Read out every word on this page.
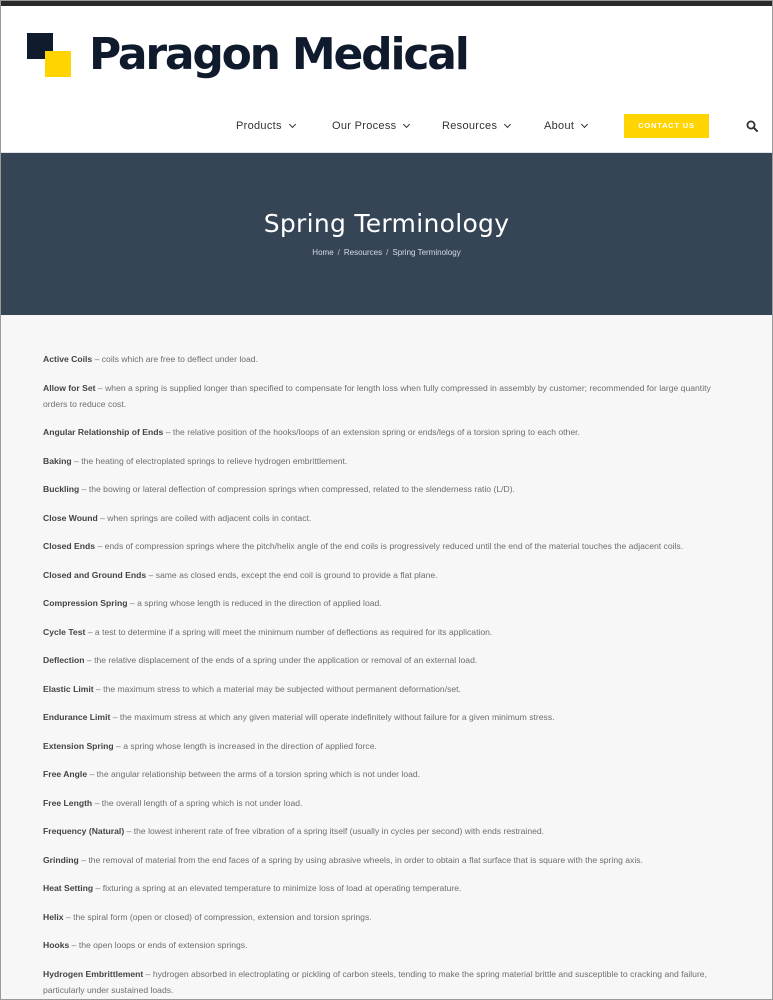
Paragon Medical
Products	Our Process	Resources	About	CONTACT US
Spring Terminology
Home / Resources / Spring Terminology

Active Coils – coils which are free to deflect under load.

Allow for Set – when a spring is supplied longer than specified to compensate for length loss when fully compressed in assembly by customer; recommended for large quantity orders to reduce cost.

Angular Relationship of Ends – the relative position of the hooks/loops of an extension spring or ends/legs of a torsion spring to each other.

Baking – the heating of electroplated springs to relieve hydrogen embrittlement.

Buckling – the bowing or lateral deflection of compression springs when compressed, related to the slenderness ratio (L/D).

Close Wound – when springs are coiled with adjacent coils in contact.

Closed Ends – ends of compression springs where the pitch/helix angle of the end coils is progressively reduced until the end of the material touches the adjacent coils.

Closed and Ground Ends – same as closed ends, except the end coil is ground to provide a flat plane.

Compression Spring – a spring whose length is reduced in the direction of applied load.

Cycle Test – a test to determine if a spring will meet the minimum number of deflections as required for its application.

Deflection – the relative displacement of the ends of a spring under the application or removal of an external load.

Elastic Limit – the maximum stress to which a material may be subjected without permanent deformation/set.

Endurance Limit – the maximum stress at which any given material will operate indefinitely without failure for a given minimum stress.

Extension Spring – a spring whose length is increased in the direction of applied force.

Free Angle – the angular relationship between the arms of a torsion spring which is not under load.

Free Length – the overall length of a spring which is not under load.

Frequency (Natural) – the lowest inherent rate of free vibration of a spring itself (usually in cycles per second) with ends restrained.

Grinding – the removal of material from the end faces of a spring by using abrasive wheels, in order to obtain a flat surface that is square with the spring axis.

Heat Setting – fixturing a spring at an elevated temperature to minimize loss of load at operating temperature.

Helix – the spiral form (open or closed) of compression, extension and torsion springs.

Hooks – the open loops or ends of extension springs.

Hydrogen Embrittlement – hydrogen absorbed in electroplating or pickling of carbon steels, tending to make the spring material brittle and susceptible to cracking and failure, particularly under sustained loads.
